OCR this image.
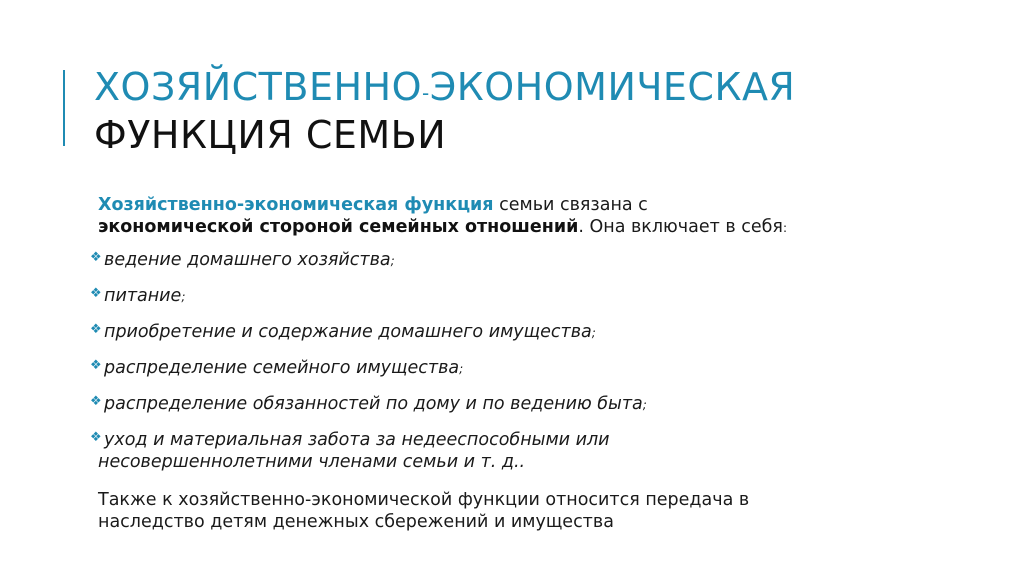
ХОЗЯЙСТВЕННО-ЭКОНОМИЧЕСКАЯ
ФУНКЦИЯ СЕМЬИ

Хозяйственно-экономическая функция семьи связана с
экономической стороной семейных отношений. Она включает в себя:

❖ ведение домашнего хозяйства;
❖ питание;
❖ приобретение и содержание домашнего имущества;
❖ распределение семейного имущества;
❖ распределение обязанностей по дому и по ведению быта;
❖ уход и материальная забота за недееспособными или
несовершеннолетними членами семьи и т. д..

Также к хозяйственно-экономической функции относится передача в
наследство детям денежных сбережений и имущества
